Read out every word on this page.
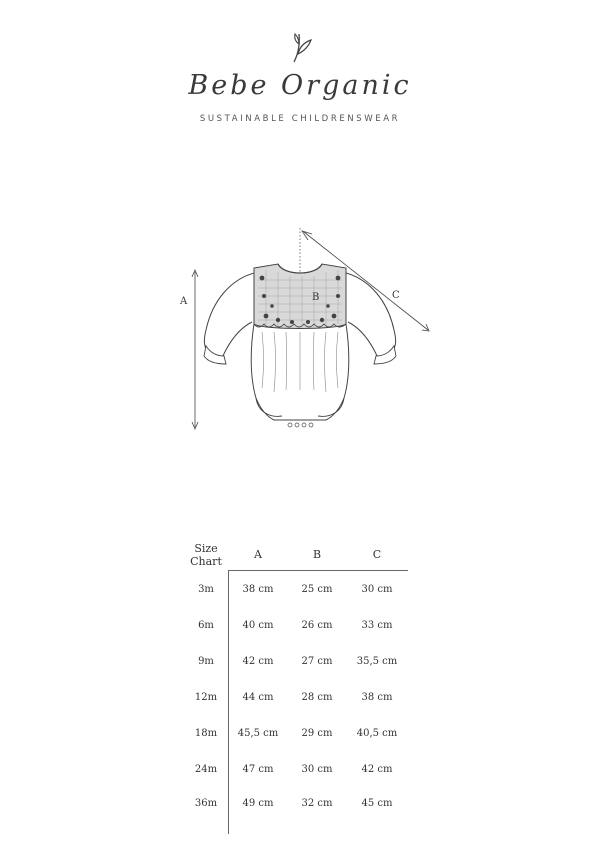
Bebe Organic
SUSTAINABLE CHILDRENSWEAR
A
C
B
Size
Chart
A	B	C
3m	38 cm	25 cm	30 cm
6m	40 cm	26 cm	33 cm
9m	42 cm	27 cm	35,5 cm
12m	44 cm	28 cm	38 cm
18m	45,5 cm	29 cm	40,5 cm
24m	47 cm	30 cm	42 cm
36m	49 cm	32 cm	45 cm
